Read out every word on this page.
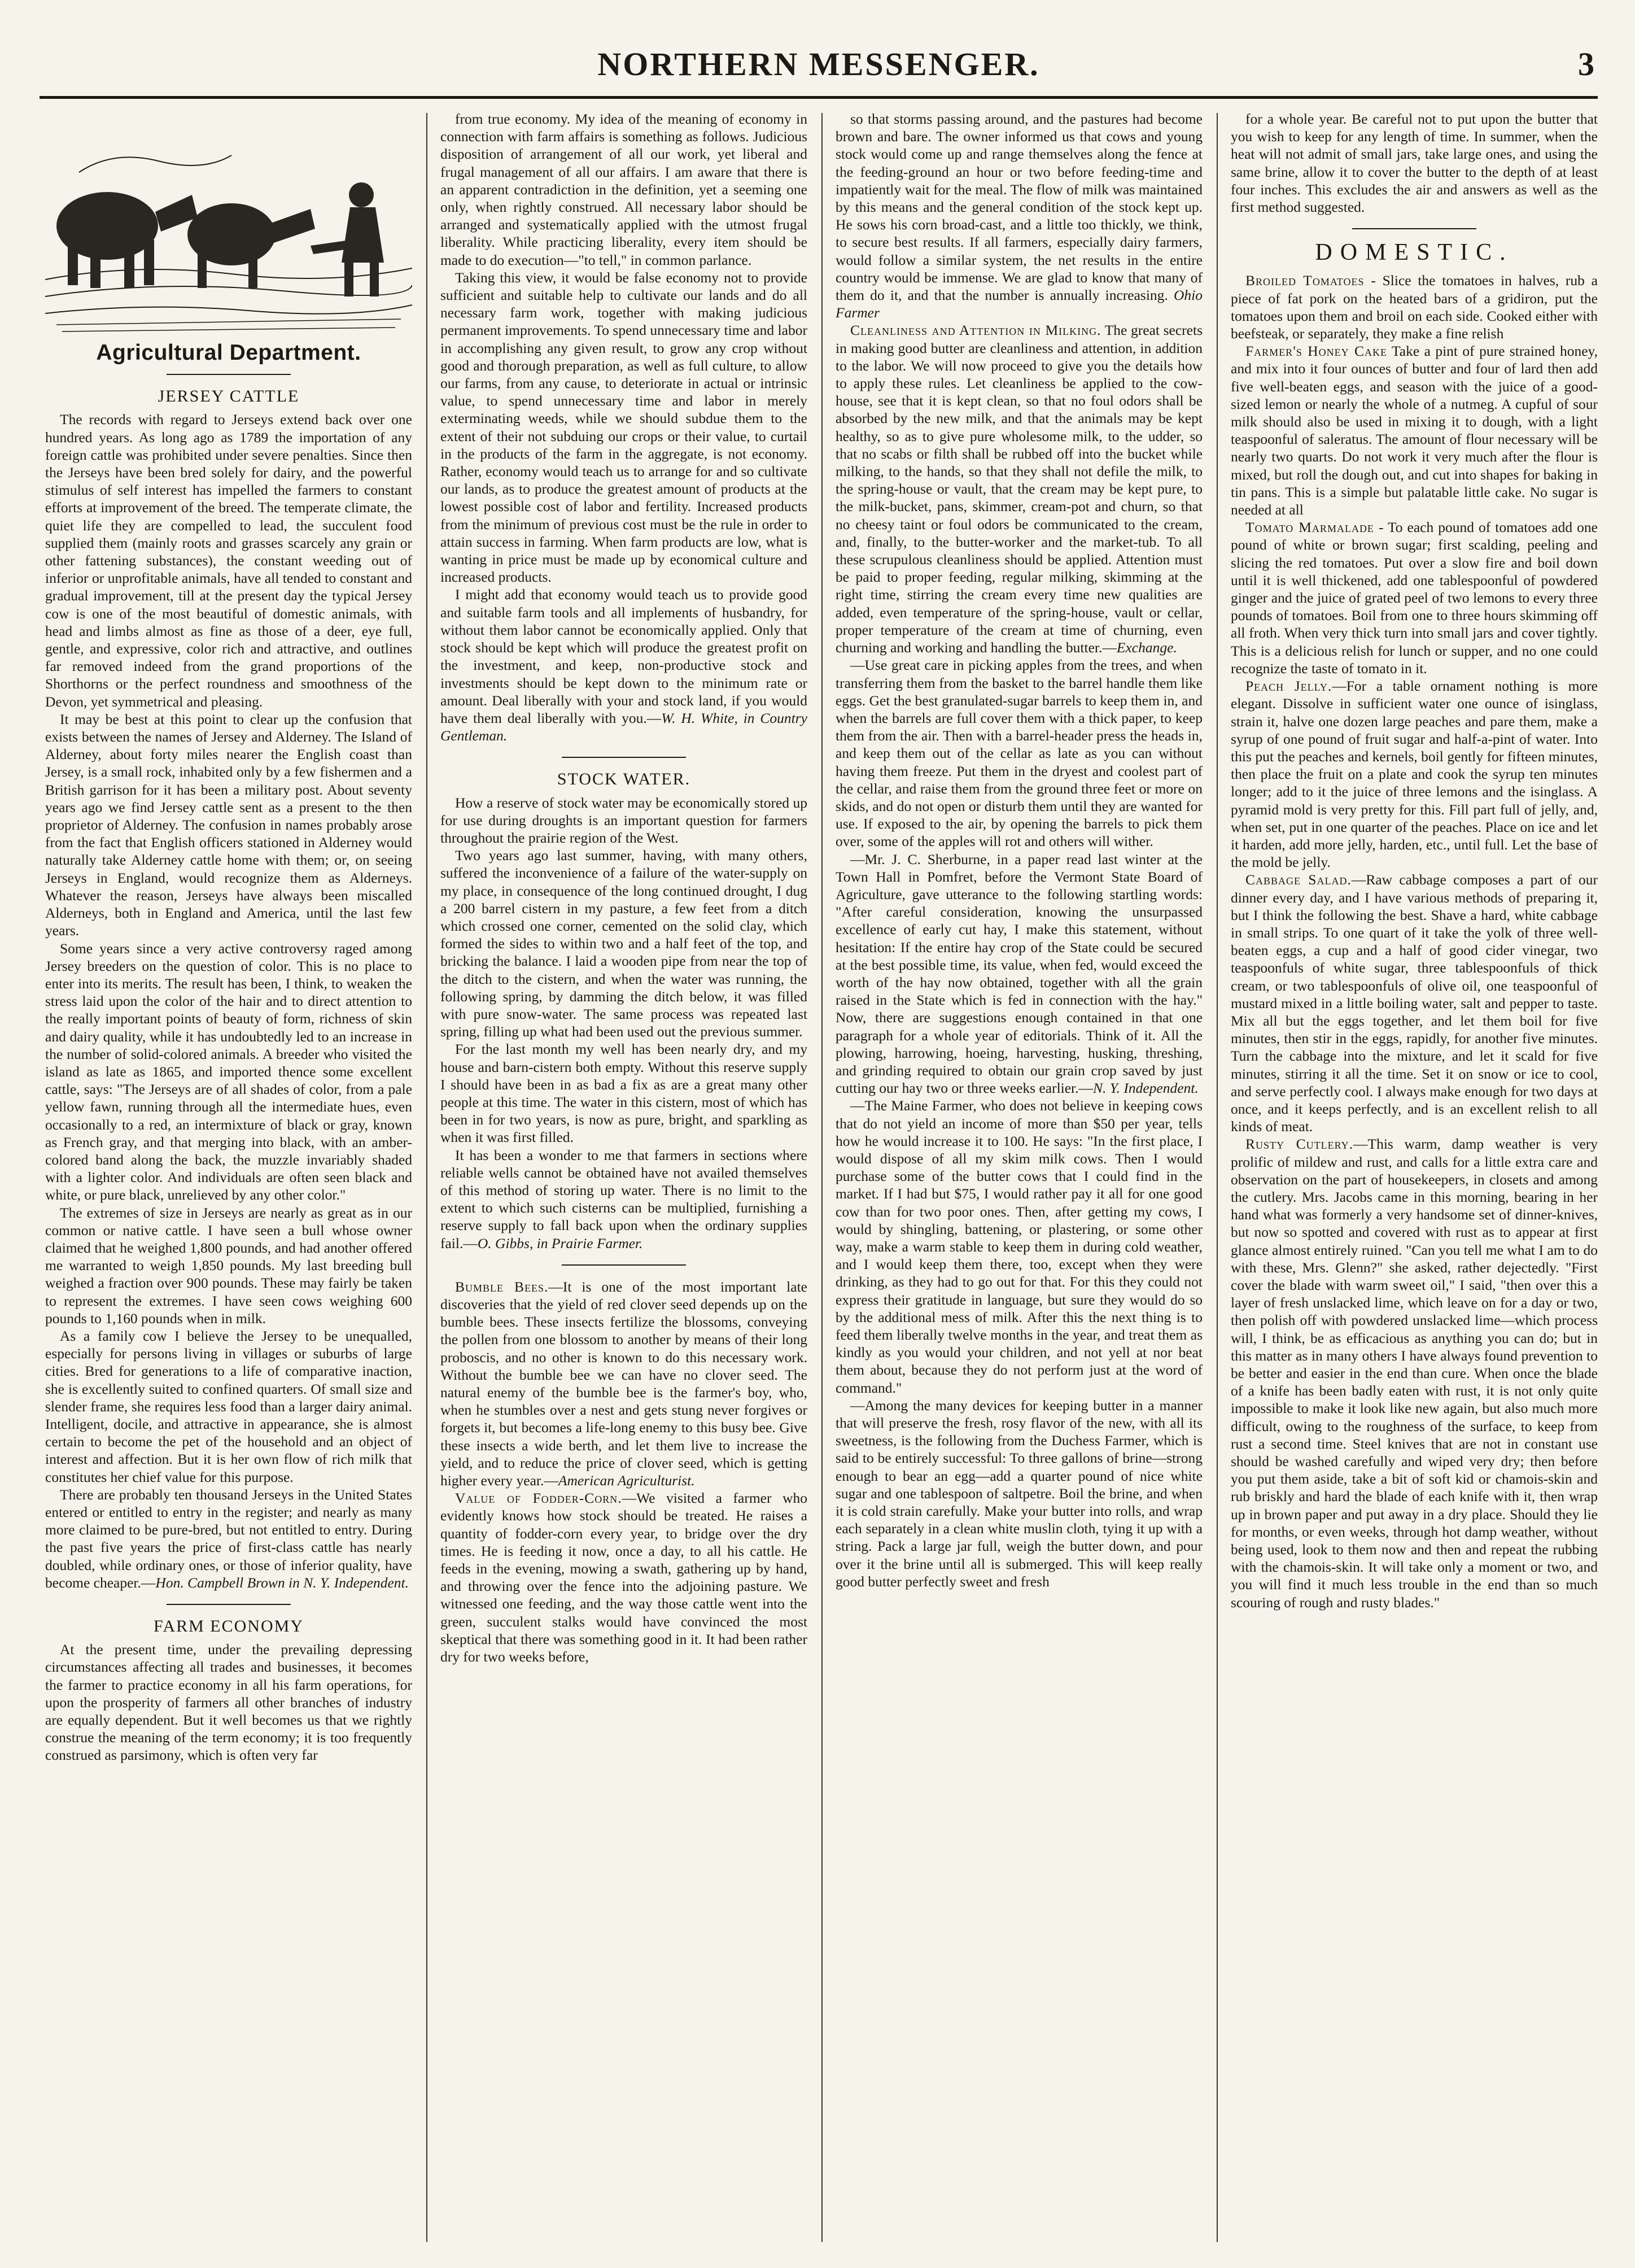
NORTHERN MESSENGER.	3
Agricultural Department.
JERSEY CATTLE

The records with regard to Jerseys extend back over one hundred years. As long ago as 1789 the importation of any foreign cattle was prohibited under severe penalties. Since then the Jerseys have been bred solely for dairy, and the powerful stimulus of self interest has impelled the farmers to constant efforts at improvement of the breed. The temperate climate, the quiet life they are compelled to lead, the succulent food supplied them (mainly roots and grasses scarcely any grain or other fattening substances), the constant weeding out of inferior or unprofitable animals, have all tended to constant and gradual improvement, till at the present day the typical Jersey cow is one of the most beautiful of domestic animals, with head and limbs almost as fine as those of a deer, eye full, gentle, and expressive, color rich and attractive, and outlines far removed indeed from the grand proportions of the Shorthorns or the perfect roundness and smoothness of the Devon, yet symmetrical and pleasing.

It may be best at this point to clear up the confusion that exists between the names of Jersey and Alderney. The Island of Alderney, about forty miles nearer the English coast than Jersey, is a small rock, inhabited only by a few fishermen and a British garrison for it has been a military post. About seventy years ago we find Jersey cattle sent as a present to the then proprietor of Alderney. The confusion in names probably arose from the fact that English officers stationed in Alderney would naturally take Alderney cattle home with them; or, on seeing Jerseys in England, would recognize them as Alderneys. Whatever the reason, Jerseys have always been miscalled Alderneys, both in England and America, until the last few years.

Some years since a very active controversy raged among Jersey breeders on the question of color. This is no place to enter into its merits. The result has been, I think, to weaken the stress laid upon the color of the hair and to direct attention to the really important points of beauty of form, richness of skin and dairy quality, while it has undoubtedly led to an increase in the number of solid-colored animals. A breeder who visited the island as late as 1865, and imported thence some excellent cattle, says: "The Jerseys are of all shades of color, from a pale yellow fawn, running through all the intermediate hues, even occasionally to a red, an intermixture of black or gray, known as French gray, and that merging into black, with an amber-colored band along the back, the muzzle invariably shaded with a lighter color. And individuals are often seen black and white, or pure black, unrelieved by any other color."

The extremes of size in Jerseys are nearly as great as in our common or native cattle. I have seen a bull whose owner claimed that he weighed 1,800 pounds, and had another offered me warranted to weigh 1,850 pounds. My last breeding bull weighed a fraction over 900 pounds. These may fairly be taken to represent the extremes. I have seen cows weighing 600 pounds to 1,160 pounds when in milk.

As a family cow I believe the Jersey to be unequalled, especially for persons living in villages or suburbs of large cities. Bred for generations to a life of comparative inaction, she is excellently suited to confined quarters. Of small size and slender frame, she requires less food than a larger dairy animal. Intelligent, docile, and attractive in appearance, she is almost certain to become the pet of the household and an object of interest and affection. But it is her own flow of rich milk that constitutes her chief value for this purpose.

There are probably ten thousand Jerseys in the United States entered or entitled to entry in the register; and nearly as many more claimed to be pure-bred, but not entitled to entry. During the past five years the price of first-class cattle has nearly doubled, while ordinary ones, or those of inferior quality, have become cheaper.—Hon. Campbell Brown in N. Y. Independent.

FARM ECONOMY

At the present time, under the prevailing depressing circumstances affecting all trades and businesses, it becomes the farmer to practice economy in all his farm operations, for upon the prosperity of farmers all other branches of industry are equally dependent. But it well becomes us that we rightly construe the meaning of the term economy; it is too frequently construed as parsimony, which is often very far

from true economy. My idea of the meaning of economy in connection with farm affairs is something as follows. Judicious disposition of arrangement of all our work, yet liberal and frugal management of all our affairs. I am aware that there is an apparent contradiction in the definition, yet a seeming one only, when rightly construed. All necessary labor should be arranged and systematically applied with the utmost frugal liberality. While practicing liberality, every item should be made to do execution—"to tell," in common parlance.

Taking this view, it would be false economy not to provide sufficient and suitable help to cultivate our lands and do all necessary farm work, together with making judicious permanent improvements. To spend unnecessary time and labor in accomplishing any given result, to grow any crop without good and thorough preparation, as well as full culture, to allow our farms, from any cause, to deteriorate in actual or intrinsic value, to spend unnecessary time and labor in merely exterminating weeds, while we should subdue them to the extent of their not subduing our crops or their value, to curtail in the products of the farm in the aggregate, is not economy. Rather, economy would teach us to arrange for and so cultivate our lands, as to produce the greatest amount of products at the lowest possible cost of labor and fertility. Increased products from the minimum of previous cost must be the rule in order to attain success in farming. When farm products are low, what is wanting in price must be made up by economical culture and increased products.

I might add that economy would teach us to provide good and suitable farm tools and all implements of husbandry, for without them labor cannot be economically applied. Only that stock should be kept which will produce the greatest profit on the investment, and keep, non-productive stock and investments should be kept down to the minimum rate or amount. Deal liberally with your and stock land, if you would have them deal liberally with you.—W. H. White, in Country Gentleman.

STOCK WATER.

How a reserve of stock water may be economically stored up for use during droughts is an important question for farmers throughout the prairie region of the West.

Two years ago last summer, having, with many others, suffered the inconvenience of a failure of the water-supply on my place, in consequence of the long continued drought, I dug a 200 barrel cistern in my pasture, a few feet from a ditch which crossed one corner, cemented on the solid clay, which formed the sides to within two and a half feet of the top, and bricking the balance. I laid a wooden pipe from near the top of the ditch to the cistern, and when the water was running, the following spring, by damming the ditch below, it was filled with pure snow-water. The same process was repeated last spring, filling up what had been used out the previous summer.

For the last month my well has been nearly dry, and my house and barn-cistern both empty. Without this reserve supply I should have been in as bad a fix as are a great many other people at this time. The water in this cistern, most of which has been in for two years, is now as pure, bright, and sparkling as when it was first filled.

It has been a wonder to me that farmers in sections where reliable wells cannot be obtained have not availed themselves of this method of storing up water. There is no limit to the extent to which such cisterns can be multiplied, furnishing a reserve supply to fall back upon when the ordinary supplies fail.—O. Gibbs, in Prairie Farmer.

Bumble Bees.—It is one of the most important late discoveries that the yield of red clover seed depends up on the bumble bees. These insects fertilize the blossoms, conveying the pollen from one blossom to another by means of their long proboscis, and no other is known to do this necessary work. Without the bumble bee we can have no clover seed. The natural enemy of the bumble bee is the farmer's boy, who, when he stumbles over a nest and gets stung never forgives or forgets it, but becomes a life-long enemy to this busy bee. Give these insects a wide berth, and let them live to increase the yield, and to reduce the price of clover seed, which is getting higher every year.—American Agriculturist.

Value of Fodder-Corn.—We visited a farmer who evidently knows how stock should be treated. He raises a quantity of fodder-corn every year, to bridge over the dry times. He is feeding it now, once a day, to all his cattle. He feeds in the evening, mowing a swath, gathering up by hand, and throwing over the fence into the adjoining pasture. We witnessed one feeding, and the way those cattle went into the green, succulent stalks would have convinced the most skeptical that there was something good in it. It had been rather dry for two weeks before,

so that storms passing around, and the pastures had become brown and bare. The owner informed us that cows and young stock would come up and range themselves along the fence at the feeding-ground an hour or two before feeding-time and impatiently wait for the meal. The flow of milk was maintained by this means and the general condition of the stock kept up. He sows his corn broad-cast, and a little too thickly, we think, to secure best results. If all farmers, especially dairy farmers, would follow a similar system, the net results in the entire country would be immense. We are glad to know that many of them do it, and that the number is annually increasing. Ohio Farmer

Cleanliness and Attention in Milking. The great secrets in making good butter are cleanliness and attention, in addition to the labor. We will now proceed to give you the details how to apply these rules. Let cleanliness be applied to the cow-house, see that it is kept clean, so that no foul odors shall be absorbed by the new milk, and that the animals may be kept healthy, so as to give pure wholesome milk, to the udder, so that no scabs or filth shall be rubbed off into the bucket while milking, to the hands, so that they shall not defile the milk, to the spring-house or vault, that the cream may be kept pure, to the milk-bucket, pans, skimmer, cream-pot and churn, so that no cheesy taint or foul odors be communicated to the cream, and, finally, to the butter-worker and the market-tub. To all these scrupulous cleanliness should be applied. Attention must be paid to proper feeding, regular milking, skimming at the right time, stirring the cream every time new qualities are added, even temperature of the spring-house, vault or cellar, proper temperature of the cream at time of churning, even churning and working and handling the butter.—Exchange.

—Use great care in picking apples from the trees, and when transferring them from the basket to the barrel handle them like eggs. Get the best granulated-sugar barrels to keep them in, and when the barrels are full cover them with a thick paper, to keep them from the air. Then with a barrel-header press the heads in, and keep them out of the cellar as late as you can without having them freeze. Put them in the dryest and coolest part of the cellar, and raise them from the ground three feet or more on skids, and do not open or disturb them until they are wanted for use. If exposed to the air, by opening the barrels to pick them over, some of the apples will rot and others will wither.

—Mr. J. C. Sherburne, in a paper read last winter at the Town Hall in Pomfret, before the Vermont State Board of Agriculture, gave utterance to the following startling words: "After careful consideration, knowing the unsurpassed excellence of early cut hay, I make this statement, without hesitation: If the entire hay crop of the State could be secured at the best possible time, its value, when fed, would exceed the worth of the hay now obtained, together with all the grain raised in the State which is fed in connection with the hay." Now, there are suggestions enough contained in that one paragraph for a whole year of editorials. Think of it. All the plowing, harrowing, hoeing, harvesting, husking, threshing, and grinding required to obtain our grain crop saved by just cutting our hay two or three weeks earlier.—N. Y. Independent.

—The Maine Farmer, who does not believe in keeping cows that do not yield an income of more than $50 per year, tells how he would increase it to 100. He says: "In the first place, I would dispose of all my skim milk cows. Then I would purchase some of the butter cows that I could find in the market. If I had but $75, I would rather pay it all for one good cow than for two poor ones. Then, after getting my cows, I would by shingling, battening, or plastering, or some other way, make a warm stable to keep them in during cold weather, and I would keep them there, too, except when they were drinking, as they had to go out for that. For this they could not express their gratitude in language, but sure they would do so by the additional mess of milk. After this the next thing is to feed them liberally twelve months in the year, and treat them as kindly as you would your children, and not yell at nor beat them about, because they do not perform just at the word of command."

—Among the many devices for keeping butter in a manner that will preserve the fresh, rosy flavor of the new, with all its sweetness, is the following from the Duchess Farmer, which is said to be entirely successful: To three gallons of brine—strong enough to bear an egg—add a quarter pound of nice white sugar and one tablespoon of saltpetre. Boil the brine, and when it is cold strain carefully. Make your butter into rolls, and wrap each separately in a clean white muslin cloth, tying it up with a string. Pack a large jar full, weigh the butter down, and pour over it the brine until all is submerged. This will keep really good butter perfectly sweet and fresh

for a whole year. Be careful not to put upon the butter that you wish to keep for any length of time. In summer, when the heat will not admit of small jars, take large ones, and using the same brine, allow it to cover the butter to the depth of at least four inches. This excludes the air and answers as well as the first method suggested.

DOMESTIC.

Broiled Tomatoes - Slice the tomatoes in halves, rub a piece of fat pork on the heated bars of a gridiron, put the tomatoes upon them and broil on each side. Cooked either with beefsteak, or separately, they make a fine relish

Farmer's Honey Cake Take a pint of pure strained honey, and mix into it four ounces of butter and four of lard then add five well-beaten eggs, and season with the juice of a good-sized lemon or nearly the whole of a nutmeg. A cupful of sour milk should also be used in mixing it to dough, with a light teaspoonful of saleratus. The amount of flour necessary will be nearly two quarts. Do not work it very much after the flour is mixed, but roll the dough out, and cut into shapes for baking in tin pans. This is a simple but palatable little cake. No sugar is needed at all

Tomato Marmalade - To each pound of tomatoes add one pound of white or brown sugar; first scalding, peeling and slicing the red tomatoes. Put over a slow fire and boil down until it is well thickened, add one tablespoonful of powdered ginger and the juice of grated peel of two lemons to every three pounds of tomatoes. Boil from one to three hours skimming off all froth. When very thick turn into small jars and cover tightly. This is a delicious relish for lunch or supper, and no one could recognize the taste of tomato in it.

Peach Jelly.—For a table ornament nothing is more elegant. Dissolve in sufficient water one ounce of isinglass, strain it, halve one dozen large peaches and pare them, make a syrup of one pound of fruit sugar and half-a-pint of water. Into this put the peaches and kernels, boil gently for fifteen minutes, then place the fruit on a plate and cook the syrup ten minutes longer; add to it the juice of three lemons and the isinglass. A pyramid mold is very pretty for this. Fill part full of jelly, and, when set, put in one quarter of the peaches. Place on ice and let it harden, add more jelly, harden, etc., until full. Let the base of the mold be jelly.

Cabbage Salad.—Raw cabbage composes a part of our dinner every day, and I have various methods of preparing it, but I think the following the best. Shave a hard, white cabbage in small strips. To one quart of it take the yolk of three well-beaten eggs, a cup and a half of good cider vinegar, two teaspoonfuls of white sugar, three tablespoonfuls of thick cream, or two tablespoonfuls of olive oil, one teaspoonful of mustard mixed in a little boiling water, salt and pepper to taste. Mix all but the eggs together, and let them boil for five minutes, then stir in the eggs, rapidly, for another five minutes. Turn the cabbage into the mixture, and let it scald for five minutes, stirring it all the time. Set it on snow or ice to cool, and serve perfectly cool. I always make enough for two days at once, and it keeps perfectly, and is an excellent relish to all kinds of meat.

Rusty Cutlery.—This warm, damp weather is very prolific of mildew and rust, and calls for a little extra care and observation on the part of housekeepers, in closets and among the cutlery. Mrs. Jacobs came in this morning, bearing in her hand what was formerly a very handsome set of dinner-knives, but now so spotted and covered with rust as to appear at first glance almost entirely ruined. "Can you tell me what I am to do with these, Mrs. Glenn?" she asked, rather dejectedly. "First cover the blade with warm sweet oil," I said, "then over this a layer of fresh unslacked lime, which leave on for a day or two, then polish off with powdered unslacked lime—which process will, I think, be as efficacious as anything you can do; but in this matter as in many others I have always found prevention to be better and easier in the end than cure. When once the blade of a knife has been badly eaten with rust, it is not only quite impossible to make it look like new again, but also much more difficult, owing to the roughness of the surface, to keep from rust a second time. Steel knives that are not in constant use should be washed carefully and wiped very dry; then before you put them aside, take a bit of soft kid or chamois-skin and rub briskly and hard the blade of each knife with it, then wrap up in brown paper and put away in a dry place. Should they lie for months, or even weeks, through hot damp weather, without being used, look to them now and then and repeat the rubbing with the chamois-skin. It will take only a moment or two, and you will find it much less trouble in the end than so much scouring of rough and rusty blades."
